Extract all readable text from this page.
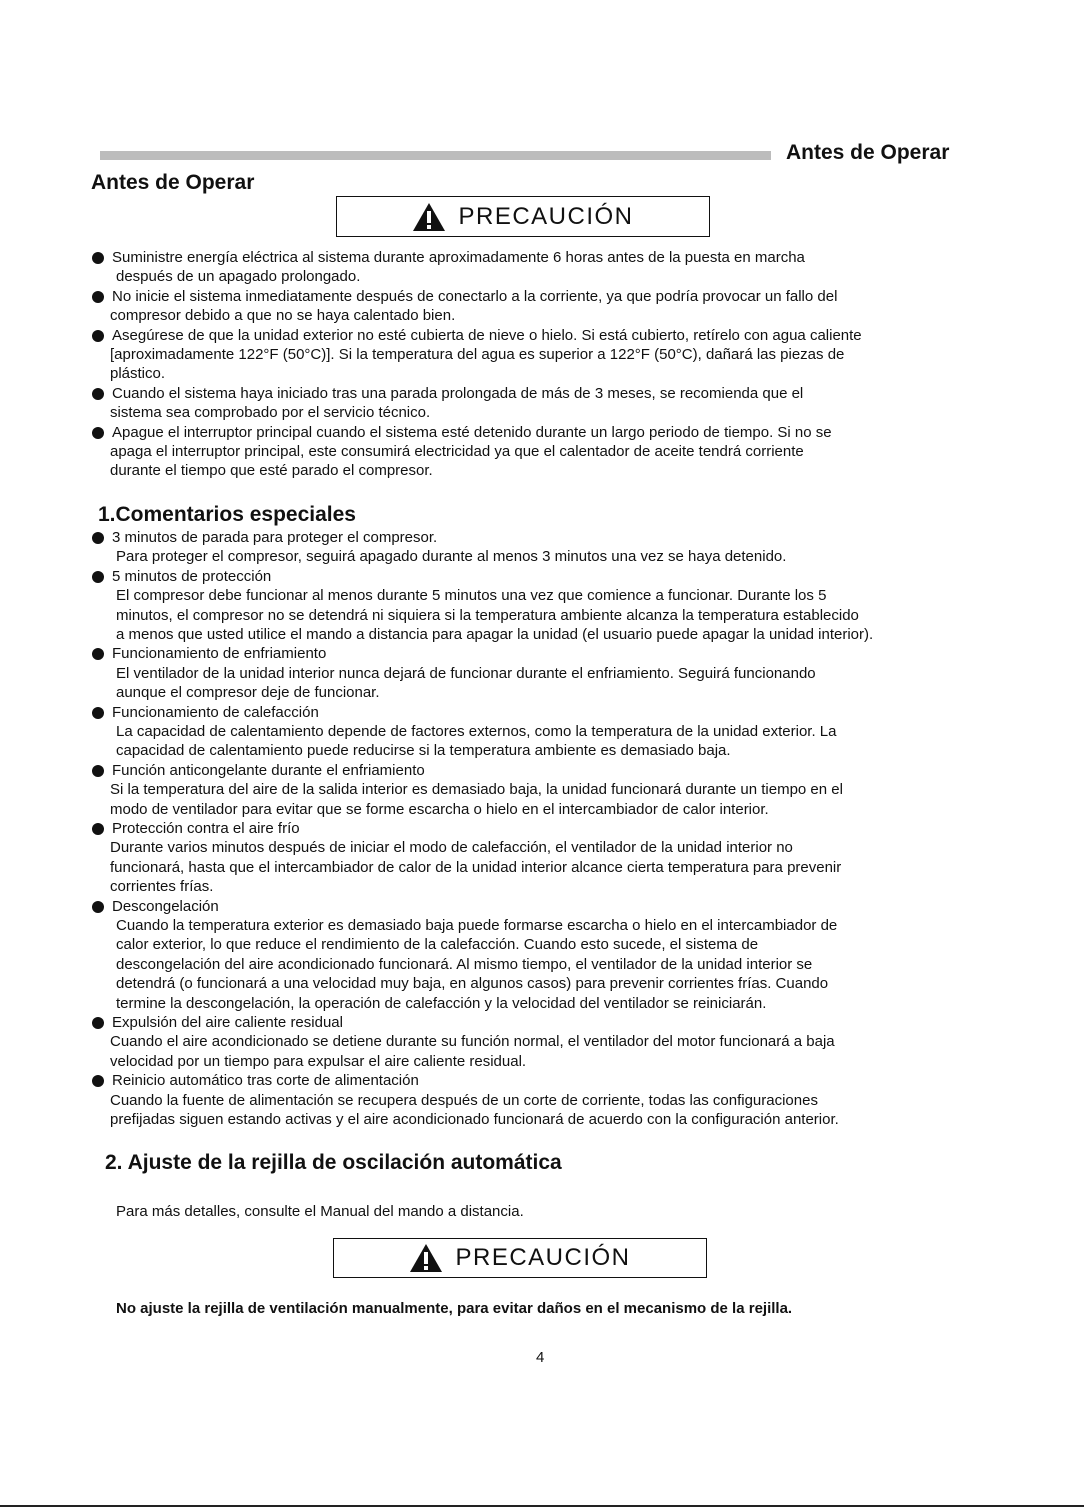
Antes de Operar
Antes de Operar
PRECAUCIÓN
Suministre energía eléctrica al sistema durante aproximadamente 6 horas antes de la puesta en marcha
después de un apagado prolongado.
No inicie el sistema inmediatamente después de conectarlo a la corriente, ya que podría provocar un fallo del
compresor debido a que no se haya calentado bien.
Asegúrese de que la unidad exterior no esté cubierta de nieve o hielo. Si está cubierto, retírelo con agua caliente
[aproximadamente 122°F (50°C)]. Si la temperatura del agua es superior a 122°F (50°C), dañará las piezas de
plástico.
Cuando el sistema haya iniciado tras una parada prolongada de más de 3 meses, se recomienda que el
sistema sea comprobado por el servicio técnico.
Apague el interruptor principal cuando el sistema esté detenido durante un largo periodo de tiempo. Si no se
apaga el interruptor principal, este consumirá electricidad ya que el calentador de aceite tendrá corriente
durante el tiempo que esté parado el compresor.
1.Comentarios especiales
3 minutos de parada para proteger el compresor.
Para proteger el compresor, seguirá apagado durante al menos 3 minutos una vez se haya detenido.
5 minutos de protección
El compresor debe funcionar al menos durante 5 minutos una vez que comience a funcionar. Durante los 5
minutos, el compresor no se detendrá ni siquiera si la temperatura ambiente alcanza la temperatura establecido
a menos que usted utilice el mando a distancia para apagar la unidad (el usuario puede apagar la unidad interior).
Funcionamiento de enfriamiento
El ventilador de la unidad interior nunca dejará de funcionar durante el enfriamiento. Seguirá funcionando
aunque el compresor deje de funcionar.
Funcionamiento de calefacción
La capacidad de calentamiento depende de factores externos, como la temperatura de la unidad exterior. La
capacidad de calentamiento puede reducirse si la temperatura ambiente es demasiado baja.
Función anticongelante durante el enfriamiento
Si la temperatura del aire de la salida interior es demasiado baja, la unidad funcionará durante un tiempo en el
modo de ventilador para evitar que se forme escarcha o hielo en el intercambiador de calor interior.
Protección contra el aire frío
Durante varios minutos después de iniciar el modo de calefacción, el ventilador de la unidad interior no
funcionará, hasta que el intercambiador de calor de la unidad interior alcance cierta temperatura para prevenir
corrientes frías.
Descongelación
Cuando la temperatura exterior es demasiado baja puede formarse escarcha o hielo en el intercambiador de
calor exterior, lo que reduce el rendimiento de la calefacción. Cuando esto sucede, el sistema de
descongelación del aire acondicionado funcionará. Al mismo tiempo, el ventilador de la unidad interior se
detendrá (o funcionará a una velocidad muy baja, en algunos casos) para prevenir corrientes frías. Cuando
termine la descongelación, la operación de calefacción y la velocidad del ventilador se reiniciarán.
Expulsión del aire caliente residual
Cuando el aire acondicionado se detiene durante su función normal, el ventilador del motor funcionará a baja
velocidad por un tiempo para expulsar el aire caliente residual.
Reinicio automático tras corte de alimentación
Cuando la fuente de alimentación se recupera después de un corte de corriente, todas las configuraciones
prefijadas siguen estando activas y el aire acondicionado funcionará de acuerdo con la configuración anterior.
2. Ajuste de la rejilla de oscilación automática
Para más detalles, consulte el Manual del mando a distancia.
PRECAUCIÓN
No ajuste la rejilla de ventilación manualmente, para evitar daños en el mecanismo de la rejilla.
4
